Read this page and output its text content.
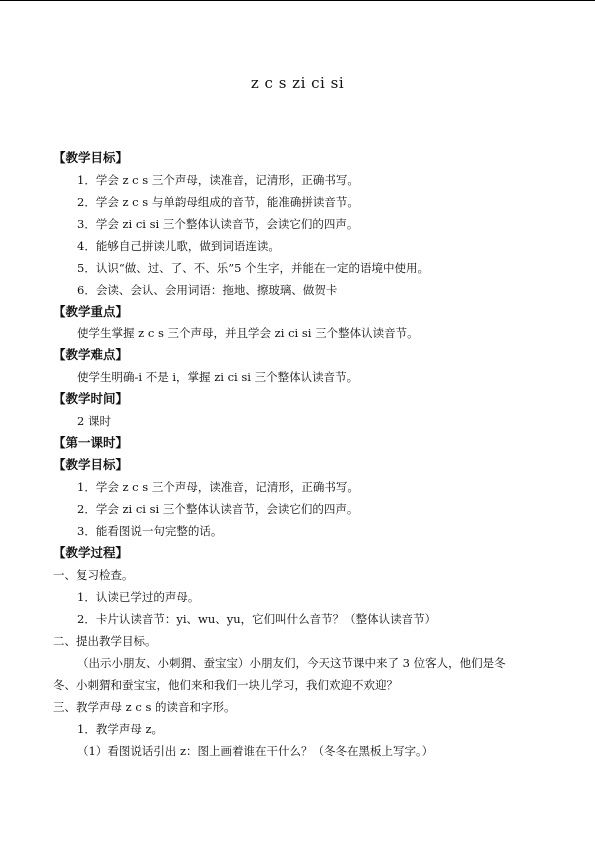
z c s zi ci si
【教学目标】
1．学会 z c s 三个声母，读准音，记清形，正确书写。
2．学会 z c s 与单韵母组成的音节，能准确拼读音节。
3．学会 zi ci si 三个整体认读音节，会读它们的四声。
4．能够自己拼读儿歌，做到词语连读。
5．认识“做、过、了、不、乐”5 个生字，并能在一定的语境中使用。
6．会读、会认、会用词语：拖地、擦玻璃、做贺卡
【教学重点】
使学生掌握 z c s 三个声母，并且学会 zi ci si 三个整体认读音节。
【教学难点】
使学生明确-i 不是 i，掌握 zi ci si 三个整体认读音节。
【教学时间】
2 课时
【第一课时】
【教学目标】
1．学会 z c s 三个声母，读准音，记清形，正确书写。
2．学会 zi ci si 三个整体认读音节，会读它们的四声。
3．能看图说一句完整的话。
【教学过程】
一、复习检查。
1．认读已学过的声母。
2．卡片认读音节：yi、wu、yu，它们叫什么音节？（整体认读音节）
二、提出教学目标。
（出示小朋友、小刺猬、蚕宝宝）小朋友们，今天这节课中来了 3 位客人，他们是冬
冬、小刺猬和蚕宝宝，他们来和我们一块儿学习，我们欢迎不欢迎？
三、教学声母 z c s 的读音和字形。
1．教学声母 z。
（1）看图说话引出 z：图上画着谁在干什么？（冬冬在黑板上写字。）
